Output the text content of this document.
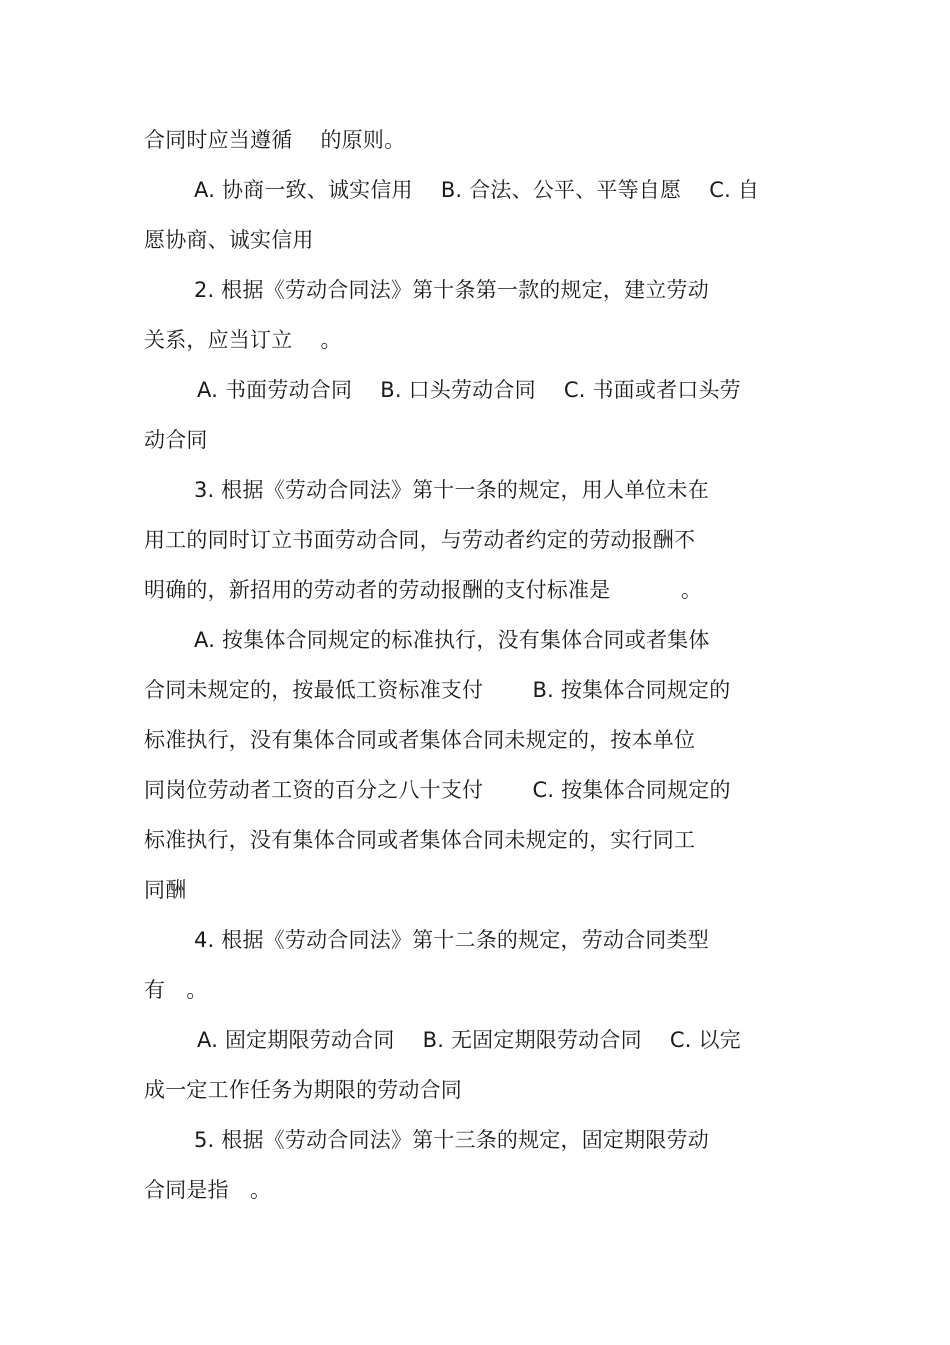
合同时应当遵循　 的原则。
A. 协商一致、诚实信用　 B. 合法、公平、平等自愿　 C. 自
愿协商、诚实信用
2. 根据《劳动合同法》第十条第一款的规定，建立劳动
关系，应当订立　 。
A. 书面劳动合同　 B. 口头劳动合同　 C. 书面或者口头劳
动合同
3. 根据《劳动合同法》第十一条的规定，用人单位未在
用工的同时订立书面劳动合同，与劳动者约定的劳动报酬不
明确的，新招用的劳动者的劳动报酬的支付标准是　　　 。
A. 按集体合同规定的标准执行，没有集体合同或者集体
合同未规定的，按最低工资标准支付　　 B. 按集体合同规定的
标准执行，没有集体合同或者集体合同未规定的，按本单位
同岗位劳动者工资的百分之八十支付　　 C. 按集体合同规定的
标准执行，没有集体合同或者集体合同未规定的，实行同工
同酬
4. 根据《劳动合同法》第十二条的规定，劳动合同类型
有　。
A. 固定期限劳动合同　 B. 无固定期限劳动合同　 C. 以完
成一定工作任务为期限的劳动合同
5. 根据《劳动合同法》第十三条的规定，固定期限劳动
合同是指　。
